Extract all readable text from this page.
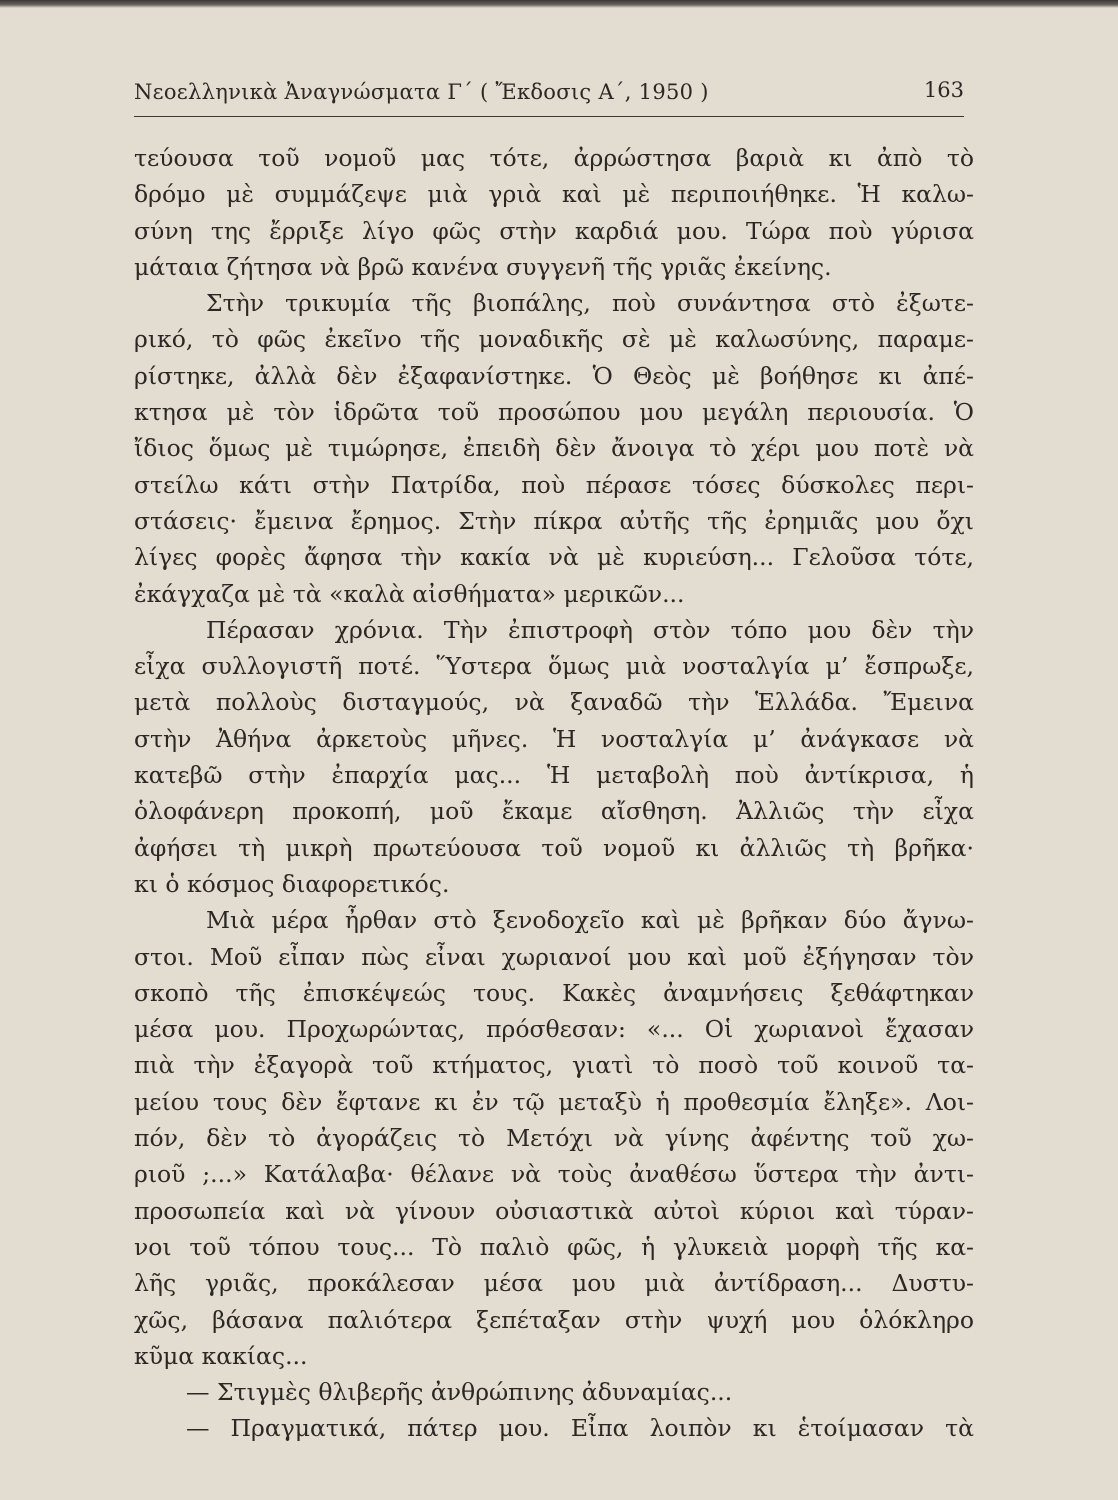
Νεοελληνικὰ Ἀναγνώσματα Γ´ ( Ἔκδοσις Α´, 1950 )	163
τεύουσα τοῦ νομοῦ μας τότε, ἀρρώστησα βαριὰ κι ἀπὸ τὸ
δρόμο μὲ συμμάζεψε μιὰ γριὰ καὶ μὲ περιποιήθηκε. Ἡ καλω-
σύνη της ἔρριξε λίγο φῶς στὴν καρδιά μου. Τώρα ποὺ γύρισα
μάταια ζήτησα νὰ βρῶ κανένα συγγενῆ τῆς γριᾶς ἐκείνης.
Στὴν τρικυμία τῆς βιοπάλης, ποὺ συνάντησα στὸ ἐξωτε-
ρικό, τὸ φῶς ἐκεῖνο τῆς μοναδικῆς σὲ μὲ καλωσύνης, παραμε-
ρίστηκε, ἀλλὰ δὲν ἐξαφανίστηκε. Ὁ Θεὸς μὲ βοήθησε κι ἀπέ-
κτησα μὲ τὸν ἱδρῶτα τοῦ προσώπου μου μεγάλη περιουσία. Ὁ
ἴδιος ὅμως μὲ τιμώρησε, ἐπειδὴ δὲν ἄνοιγα τὸ χέρι μου ποτὲ νὰ
στείλω κάτι στὴν Πατρίδα, ποὺ πέρασε τόσες δύσκολες περι-
στάσεις· ἔμεινα ἔρημος. Στὴν πίκρα αὐτῆς τῆς ἐρημιᾶς μου ὄχι
λίγες φορὲς ἄφησα τὴν κακία νὰ μὲ κυριεύση... Γελοῦσα τότε,
ἐκάγχαζα μὲ τὰ «καλὰ αἰσθήματα» μερικῶν...
Πέρασαν χρόνια. Τὴν ἐπιστροφὴ στὸν τόπο μου δὲν τὴν
εἶχα συλλογιστῆ ποτέ. Ὕστερα ὅμως μιὰ νοσταλγία μ’ ἔσπρωξε,
μετὰ πολλοὺς δισταγμούς, νὰ ξαναδῶ τὴν Ἑλλάδα. Ἔμεινα
στὴν Ἀθήνα ἀρκετοὺς μῆνες. Ἡ νοσταλγία μ’ ἀνάγκασε νὰ
κατεβῶ στὴν ἐπαρχία μας... Ἡ μεταβολὴ ποὺ ἀντίκρισα, ἡ
ὁλοφάνερη προκοπή, μοῦ ἔκαμε αἴσθηση. Ἀλλιῶς τὴν εἶχα
ἀφήσει τὴ μικρὴ πρωτεύουσα τοῦ νομοῦ κι ἀλλιῶς τὴ βρῆκα·
κι ὁ κόσμος διαφορετικός.
Μιὰ μέρα ἦρθαν στὸ ξενοδοχεῖο καὶ μὲ βρῆκαν δύο ἄγνω-
στοι. Μοῦ εἶπαν πὼς εἶναι χωριανοί μου καὶ μοῦ ἐξήγησαν τὸν
σκοπὸ τῆς ἐπισκέψεώς τους. Κακὲς ἀναμνήσεις ξεθάφτηκαν
μέσα μου. Προχωρώντας, πρόσθεσαν: «... Οἱ χωριανοὶ ἔχασαν
πιὰ τὴν ἐξαγορὰ τοῦ κτήματος, γιατὶ τὸ ποσὸ τοῦ κοινοῦ τα-
μείου τους δὲν ἔφτανε κι ἐν τῷ μεταξὺ ἡ προθεσμία ἔληξε». Λοι-
πόν, δὲν τὸ ἀγοράζεις τὸ Μετόχι νὰ γίνης ἀφέντης τοῦ χω-
ριοῦ ;...» Κατάλαβα· θέλανε νὰ τοὺς ἀναθέσω ὕστερα τὴν ἀντι-
προσωπεία καὶ νὰ γίνουν οὐσιαστικὰ αὐτοὶ κύριοι καὶ τύραν-
νοι τοῦ τόπου τους... Τὸ παλιὸ φῶς, ἡ γλυκειὰ μορφὴ τῆς κα-
λῆς γριᾶς, προκάλεσαν μέσα μου μιὰ ἀντίδραση... Δυστυ-
χῶς, βάσανα παλιότερα ξεπέταξαν στὴν ψυχή μου ὁλόκληρο
κῦμα κακίας...
— Στιγμὲς θλιβερῆς ἀνθρώπινης ἀδυναμίας...
— Πραγματικά, πάτερ μου. Εἶπα λοιπὸν κι ἑτοίμασαν τὰ
